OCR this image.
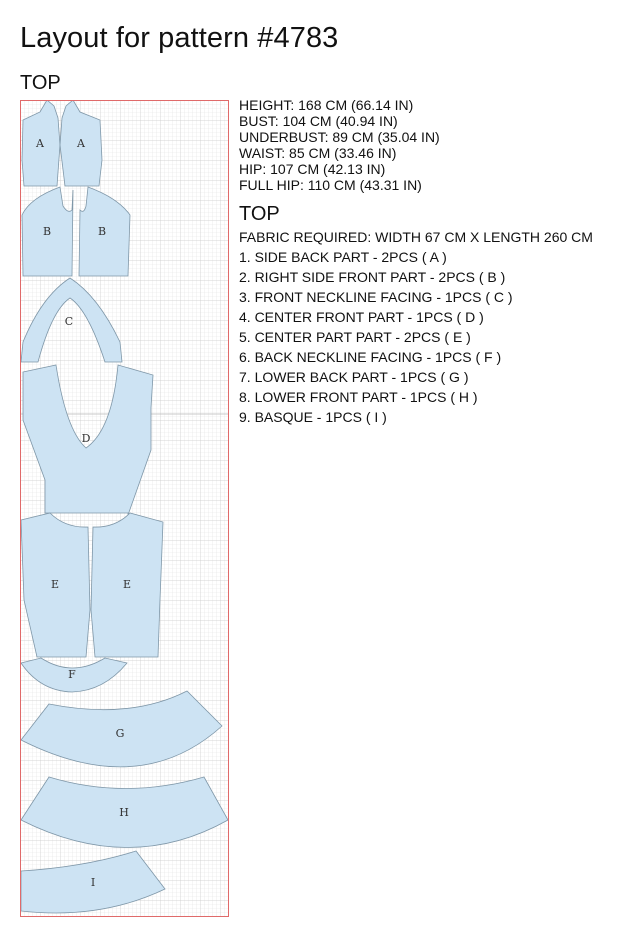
Layout for pattern #4783
TOP
A	A
B	B
C
D
E	E
F
G
H
I
HEIGHT: 168 CM (66.14 IN)
BUST: 104 CM (40.94 IN)
UNDERBUST: 89 CM (35.04 IN)
WAIST: 85 CM (33.46 IN)
HIP: 107 CM (42.13 IN)
FULL HIP: 110 CM (43.31 IN)
TOP
FABRIC REQUIRED: WIDTH 67 CM X LENGTH 260 CM
1. SIDE BACK PART - 2PCS ( A )
2. RIGHT SIDE FRONT PART - 2PCS ( B )
3. FRONT NECKLINE FACING - 1PCS ( C )
4. CENTER FRONT PART - 1PCS ( D )
5. CENTER PART PART - 2PCS ( E )
6. BACK NECKLINE FACING - 1PCS ( F )
7. LOWER BACK PART - 1PCS ( G )
8. LOWER FRONT PART - 1PCS ( H )
9. BASQUE - 1PCS ( I )
